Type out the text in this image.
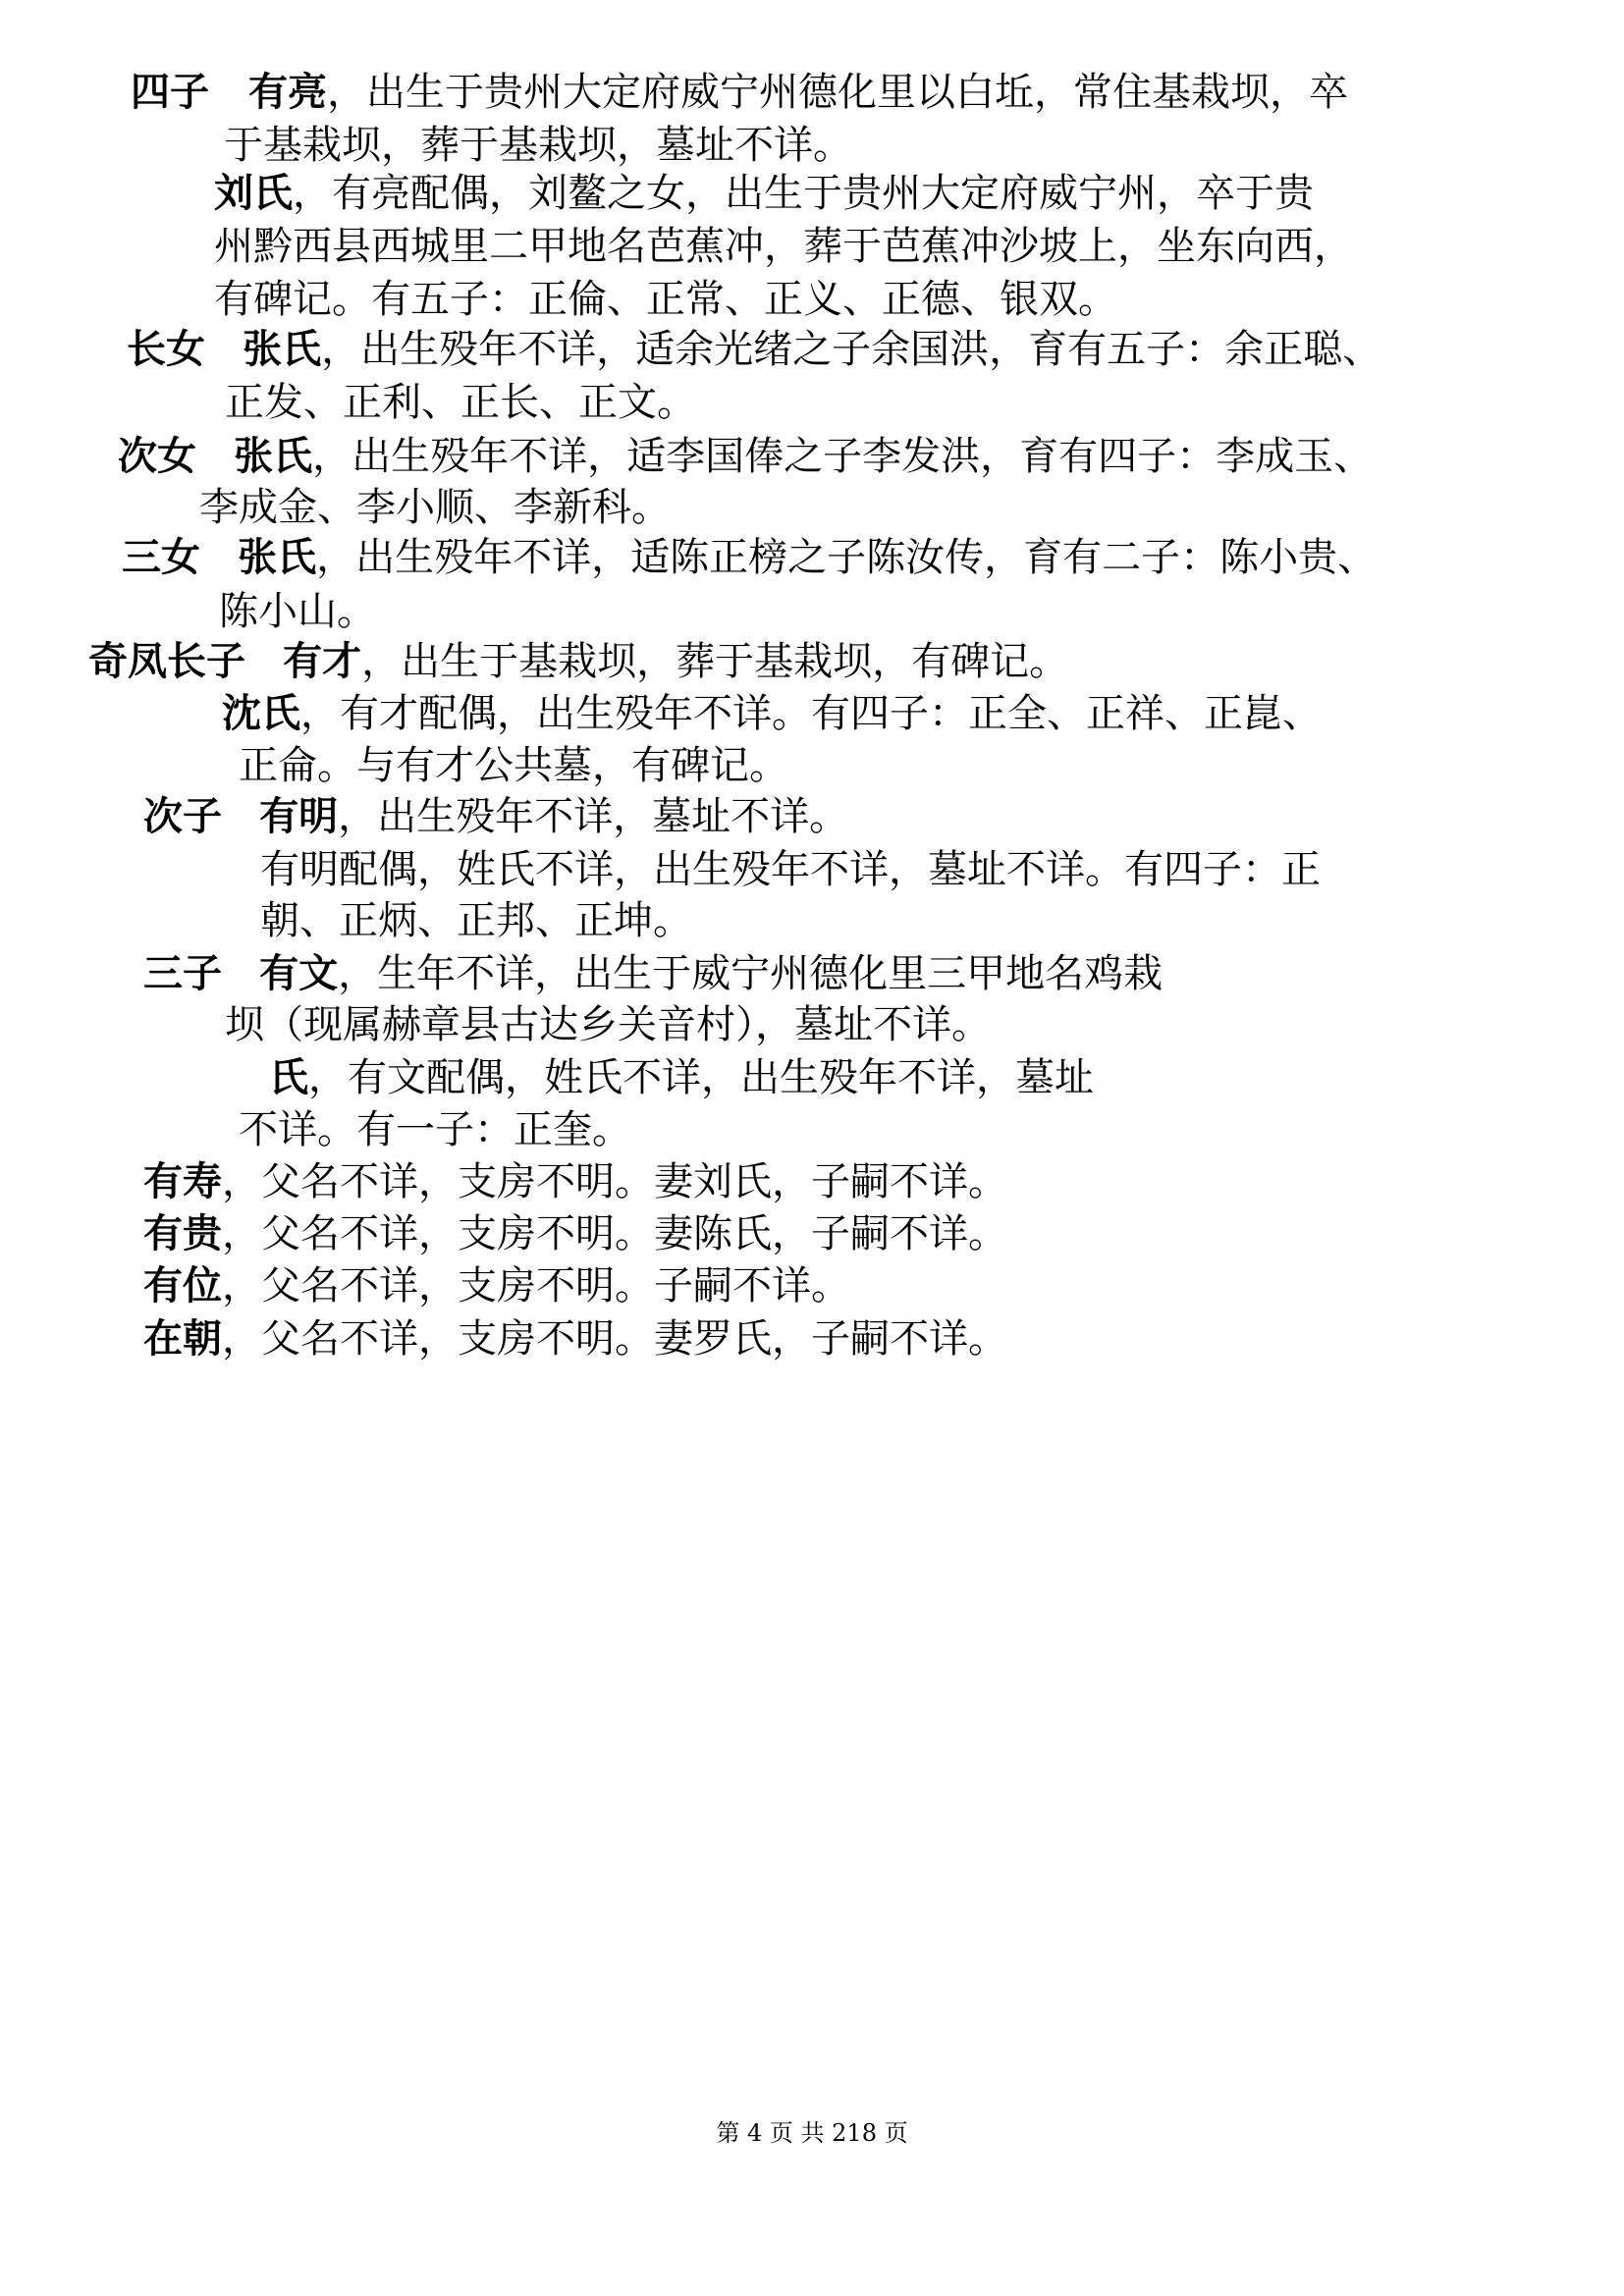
四子　 有亮，出生于贵州大定府威宁州德化里以白坵，常住基栽坝，卒
于基栽坝，葬于基栽坝，墓址不详。
刘氏，有亮配偶，刘鳌之女，出生于贵州大定府威宁州，卒于贵
州黔西县西城里二甲地名芭蕉冲，葬于芭蕉冲沙坡上，坐东向西，
有碑记。有五子：正倫、正常、正义、正德、银双。
长女 张氏，出生殁年不详，适余光绪之子余国洪，育有五子：余正聪、
正发、正利、正长、正文。
次女 张氏，出生殁年不详，适李国俸之子李发洪，育有四子：李成玉、
李成金、李小顺、李新科。
三女 张氏，出生殁年不详，适陈正榜之子陈汝传，育有二子：陈小贵、
陈小山。
奇凤长子 有才，出生于基栽坝，葬于基栽坝，有碑记。
沈氏，有才配偶，出生殁年不详。有四子：正全、正祥、正崑、
正侖。与有才公共墓，有碑记。
次子 有明，出生殁年不详，墓址不详。
有明配偶，姓氏不详，出生殁年不详，墓址不详。有四子：正
朝、正炳、正邦、正坤。
三子 有文，生年不详，出生于威宁州德化里三甲地名鸡栽
坝（现属赫章县古达乡关音村），墓址不详。
氏，有文配偶，姓氏不详，出生殁年不详，墓址
不详。有一子：正奎。
有寿，父名不详，支房不明。妻刘氏，子嗣不详。
有贵，父名不详，支房不明。妻陈氏，子嗣不详。
有位，父名不详，支房不明。子嗣不详。
在朝，父名不详，支房不明。妻罗氏，子嗣不详。
第 4 页 共 218 页
